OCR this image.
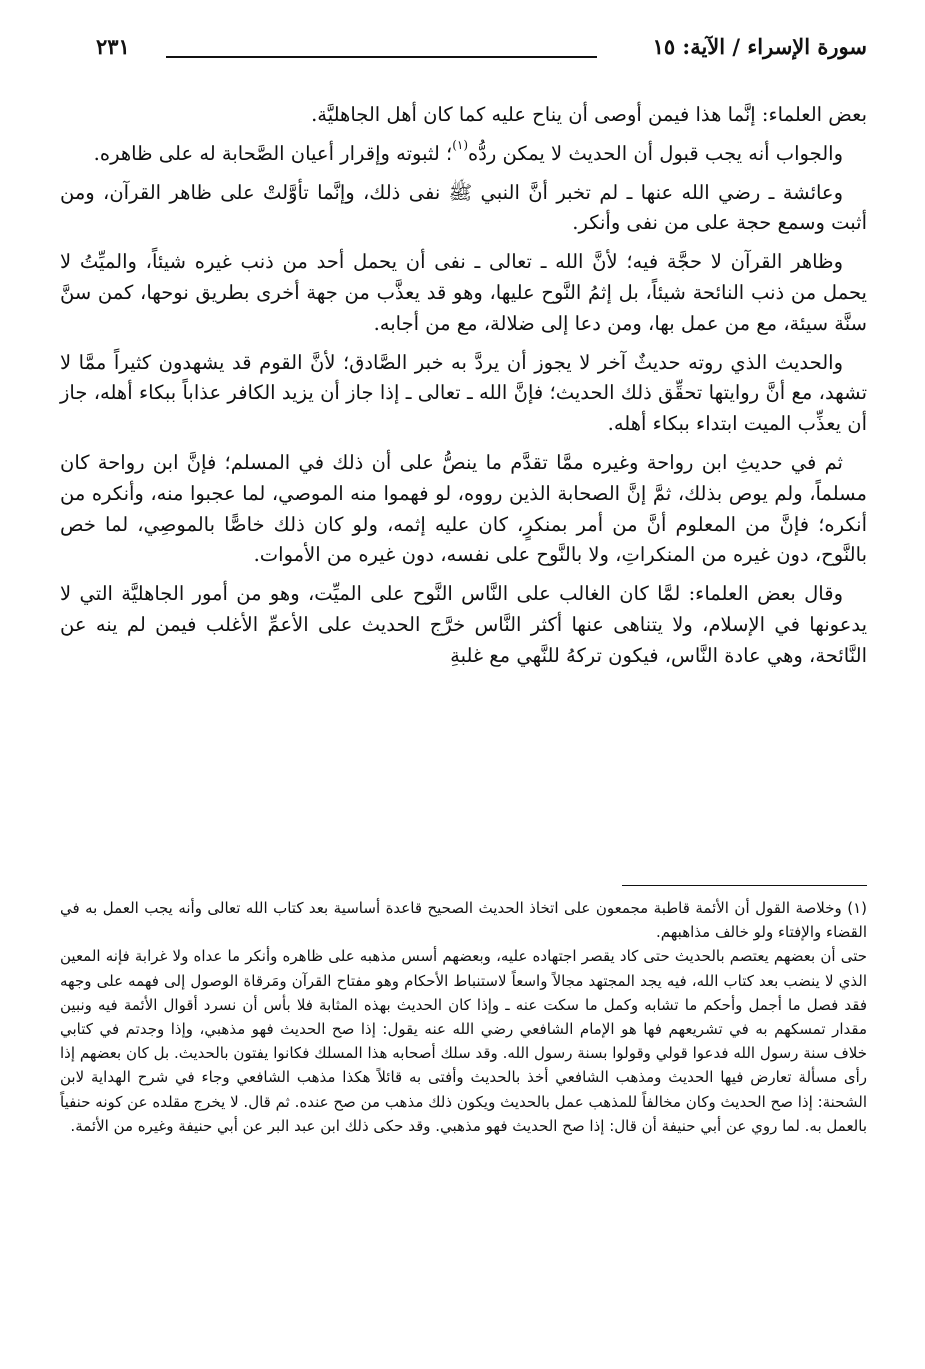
سورة الإسراء / الآية: ١٥
٢٣١

بعض العلماء: إنَّما هذا فيمن أوصى أن يناح عليه كما كان أهل الجاهليَّة.

والجواب أنه يجب قبول أن الحديث لا يمكن ردُّه$^{(١)}$؛ لثبوته وإقرار أعيان الصَّحابة له على ظاهره.

وعائشة ـ رضي الله عنها ـ لم تخبر أنَّ النبي ﷺ نفى ذلك، وإنَّما تأوَّلتْ على ظاهر القرآن، ومن أثبت وسمع حجة على من نفى وأنكر.

وظاهر القرآن لا حجَّة فيه؛ لأنَّ الله ـ تعالى ـ نفى أن يحمل أحد من ذنب غيره شيئاً، والميِّتُ لا يحمل من ذنب النائحة شيئاً، بل إثمُ النَّوح عليها، وهو قد يعذَّب من جهة أخرى بطريق نوحها، كمن سنَّ سنَّة سيئة، مع من عمل بها، ومن دعا إلى ضلالة، مع من أجابه.

والحديث الذي روته حديثٌ آخر لا يجوز أن يردَّ به خبر الصَّادق؛ لأنَّ القوم قد يشهدون كثيراً ممَّا لا تشهد، مع أنَّ روايتها تحقِّق ذلك الحديث؛ فإنَّ الله ـ تعالى ـ إذا جاز أن يزيد الكافر عذاباً ببكاء أهله، جاز أن يعذِّب الميت ابتداء ببكاء أهله.

ثم في حديثِ ابن رواحة وغيره ممَّا تقدَّم ما ينصُّ على أن ذلك في المسلم؛ فإنَّ ابن رواحة كان مسلماً، ولم يوص بذلك، ثمَّ إنَّ الصحابة الذين رووه، لو فهموا منه الموصي، لما عجبوا منه، وأنكره من أنكره؛ فإنَّ من المعلوم أنَّ من أمر بمنكرٍ، كان عليه إثمه، ولو كان ذلك خاصًّا بالموصِي، لما خص بالنَّوح، دون غيره من المنكراتِ، ولا بالنَّوح على نفسه، دون غيره من الأموات.

وقال بعض العلماء: لمَّا كان الغالب على النَّاس النَّوح على الميِّت، وهو من أمور الجاهليَّة التي لا يدعونها في الإسلام، ولا يتناهى عنها أكثر النَّاس خرَّج الحديث على الأعمِّ الأغلب فيمن لم ينه عن النَّائحة، وهي عادة النَّاس، فيكون تركهُ للنَّهي مع غلبةِ

(١) وخلاصة القول أن الأئمة قاطبة مجمعون على اتخاذ الحديث الصحيح قاعدة أساسية بعد كتاب الله تعالى وأنه يجب العمل به في القضاء والإفتاء ولو خالف مذاهبهم.

حتى أن بعضهم يعتصم بالحديث حتى كاد يقصر اجتهاده عليه، وبعضهم أسس مذهبه على ظاهره وأنكر ما عداه ولا غرابة فإنه المعين الذي لا ينضب بعد كتاب الله، فيه يجد المجتهد مجالاً واسعاً لاستنباط الأحكام وهو مفتاح القرآن ومَرقاة الوصول إلى فهمه على وجهه فقد فصل ما أجمل وأحكم ما تشابه وكمل ما سكت عنه ـ وإذا كان الحديث بهذه المثابة فلا بأس أن نسرد أقوال الأئمة فيه ونبين مقدار تمسكهم به في تشريعهم فها هو الإمام الشافعي رضي الله عنه يقول: إذا صح الحديث فهو مذهبي، وإذا وجدتم في كتابي خلاف سنة رسول الله فدعوا قولي وقولوا بسنة رسول الله. وقد سلك أصحابه هذا المسلك فكانوا يفتون بالحديث. بل كان بعضهم إذا رأى مسألة تعارض فيها الحديث ومذهب الشافعي أخذ بالحديث وأفتى به قائلاً هكذا مذهب الشافعي وجاء في شرح الهداية لابن الشحنة: إذا صح الحديث وكان مخالفاً للمذهب عمل بالحديث ويكون ذلك مذهب من صح عنده. ثم قال. لا يخرج مقلده عن كونه حنفياً بالعمل به. لما روي عن أبي حنيفة أن قال: إذا صح الحديث فهو مذهبي. وقد حكى ذلك ابن عبد البر عن أبي حنيفة وغيره من الأئمة.
